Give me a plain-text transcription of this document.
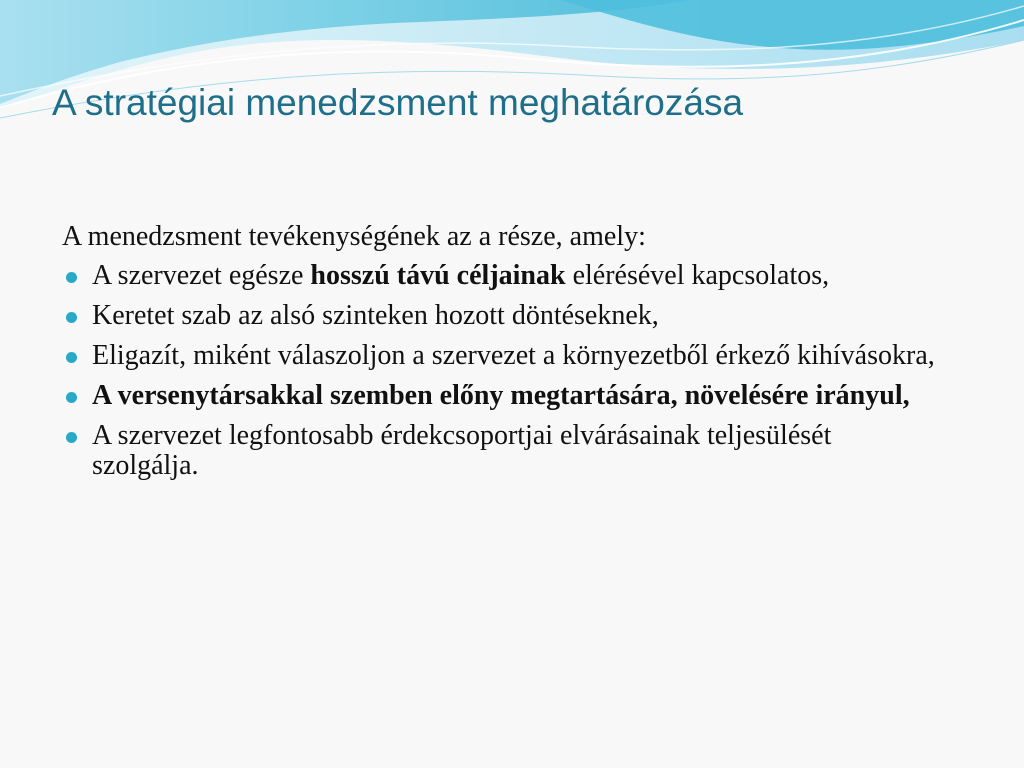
A stratégiai menedzsment meghatározása

A menedzsment tevékenységének az a része, amely:

A szervezet egésze hosszú távú céljainak elérésével kapcsolatos,
Keretet szab az alsó szinteken hozott döntéseknek,
Eligazít, miként válaszoljon a szervezet a környezetből érkező kihívásokra,
A versenytársakkal szemben előny megtartására, növelésére irányul,
A szervezet legfontosabb érdekcsoportjai elvárásainak teljesülését szolgálja.
